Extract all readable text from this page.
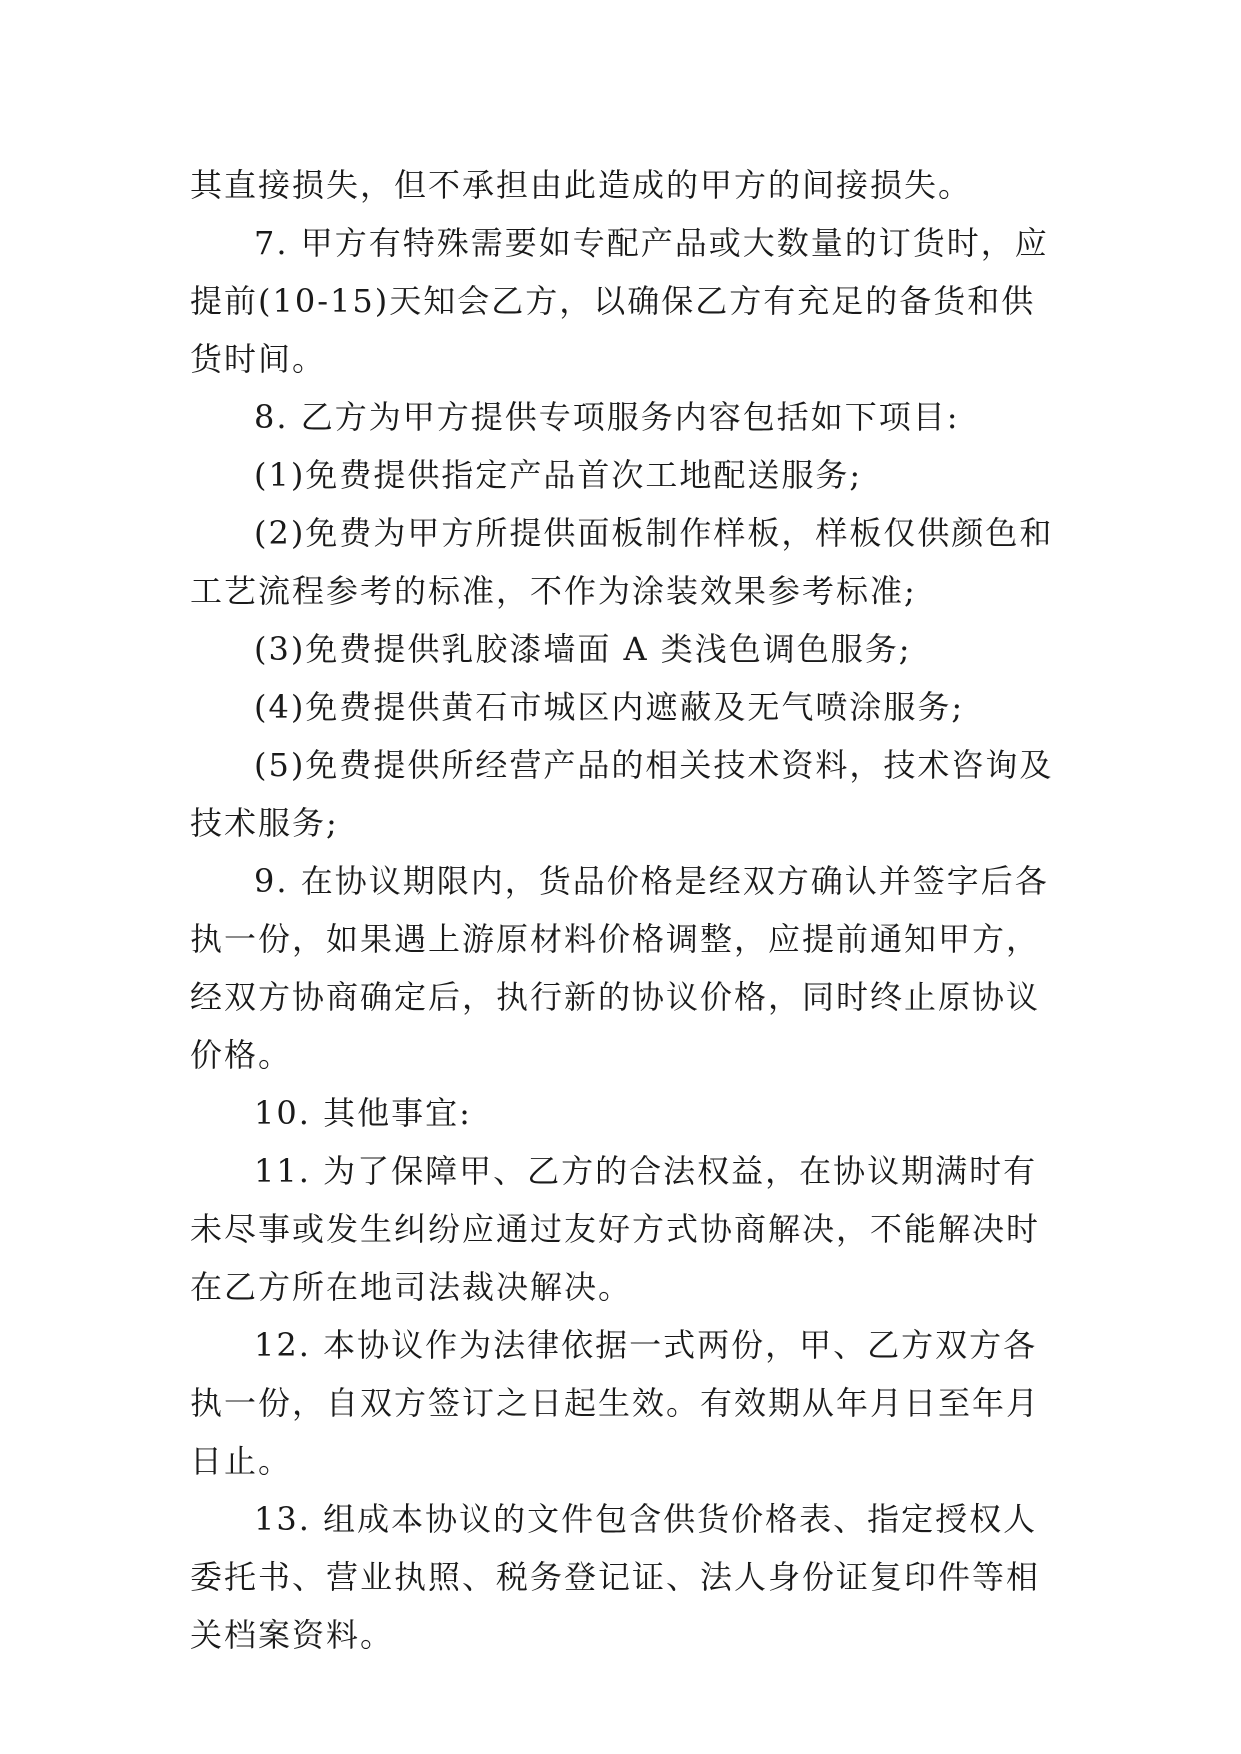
其直接损失，但不承担由此造成的甲方的间接损失。

7. 甲方有特殊需要如专配产品或大数量的订货时，应提前(10-15)天知会乙方，以确保乙方有充足的备货和供货时间。

8. 乙方为甲方提供专项服务内容包括如下项目:

(1)免费提供指定产品首次工地配送服务;

(2)免费为甲方所提供面板制作样板，样板仅供颜色和工艺流程参考的标准，不作为涂装效果参考标准;

(3)免费提供乳胶漆墙面 A 类浅色调色服务;

(4)免费提供黄石市城区内遮蔽及无气喷涂服务;

(5)免费提供所经营产品的相关技术资料，技术咨询及技术服务;

9. 在协议期限内，货品价格是经双方确认并签字后各执一份，如果遇上游原材料价格调整，应提前通知甲方，经双方协商确定后，执行新的协议价格，同时终止原协议价格。

10. 其他事宜:

11. 为了保障甲、乙方的合法权益，在协议期满时有未尽事或发生纠纷应通过友好方式协商解决，不能解决时在乙方所在地司法裁决解决。

12. 本协议作为法律依据一式两份，甲、乙方双方各执一份，自双方签订之日起生效。有效期从年月日至年月日止。

13. 组成本协议的文件包含供货价格表、指定授权人委托书、营业执照、税务登记证、法人身份证复印件等相关档案资料。
